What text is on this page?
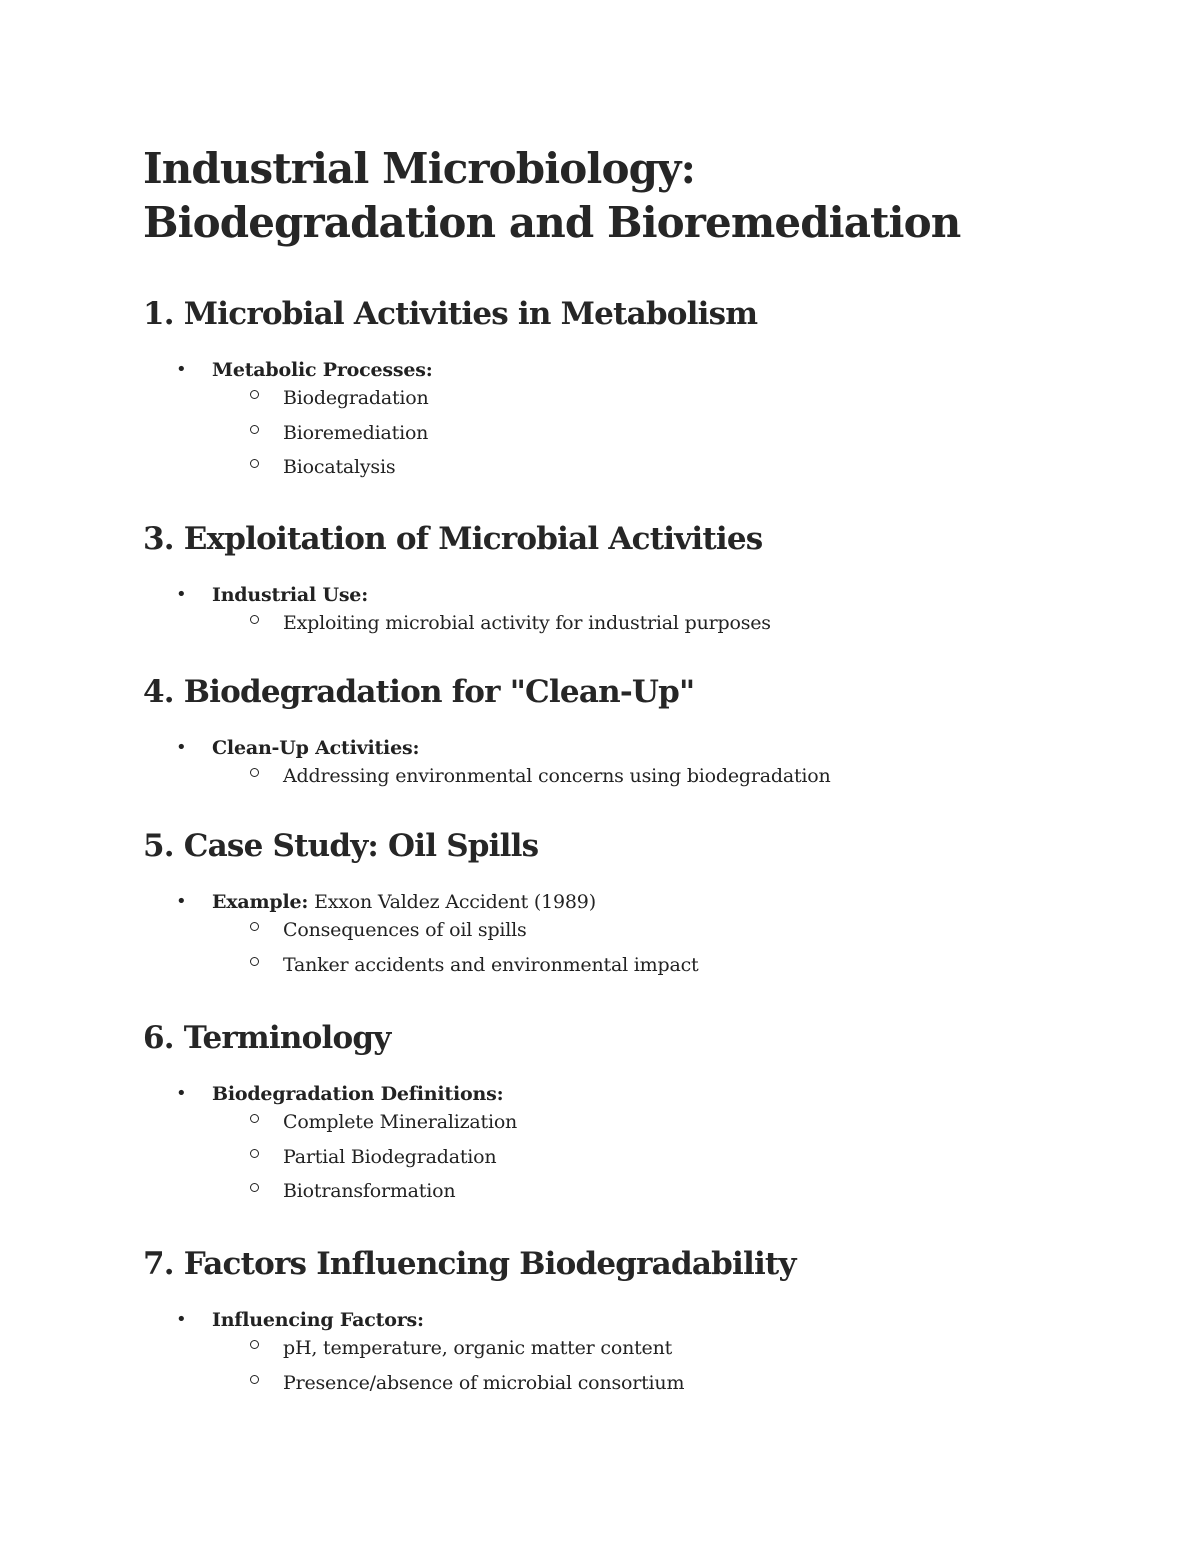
Industrial Microbiology: Biodegradation and Bioremediation
1. Microbial Activities in Metabolism
• Metabolic Processes:
Biodegradation
Bioremediation
Biocatalysis
3. Exploitation of Microbial Activities
• Industrial Use:
Exploiting microbial activity for industrial purposes
4. Biodegradation for "Clean-Up"
• Clean-Up Activities:
Addressing environmental concerns using biodegradation
5. Case Study: Oil Spills
• Example: Exxon Valdez Accident (1989)
Consequences of oil spills
Tanker accidents and environmental impact
6. Terminology
• Biodegradation Definitions:
Complete Mineralization
Partial Biodegradation
Biotransformation
7. Factors Influencing Biodegradability
• Influencing Factors:
pH, temperature, organic matter content
Presence/absence of microbial consortium
